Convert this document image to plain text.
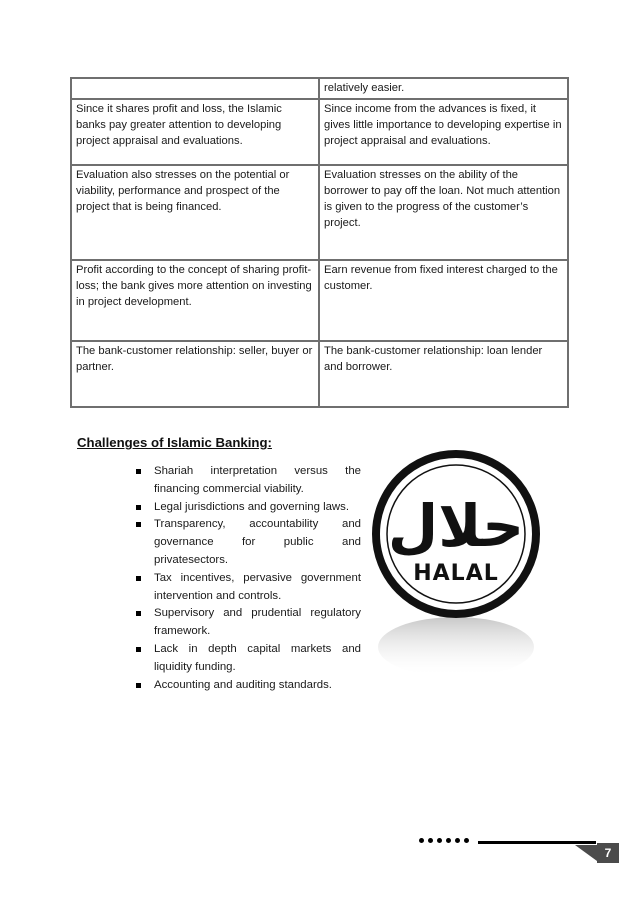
	relatively easier.
Since it shares profit and loss, the Islamic banks pay greater attention to developing project appraisal and evaluations.	Since income from the advances is fixed, it gives little importance to developing expertise in project appraisal and evaluations.
Evaluation also stresses on the potential or viability, performance and prospect of the project that is being financed.	Evaluation stresses on the ability of the borrower to pay off the loan. Not much attention is given to the progress of the customer’s project.
Profit according to the concept of sharing profit-loss; the bank gives more attention on investing in project development.	Earn revenue from fixed interest charged to the customer.
The bank-customer relationship: seller, buyer or partner.	The bank-customer relationship: loan lender and borrower.
Challenges of Islamic Banking:
Shariah interpretation versus the financing commercial viability.
Legal jurisdictions and governing laws.
Transparency, accountability and governance for public and privatesectors.
Tax incentives, pervasive government intervention and controls.
Supervisory and prudential regulatory framework.
Lack in depth capital markets and liquidity funding.
Accounting and auditing standards.
حلال
HALAL
7
